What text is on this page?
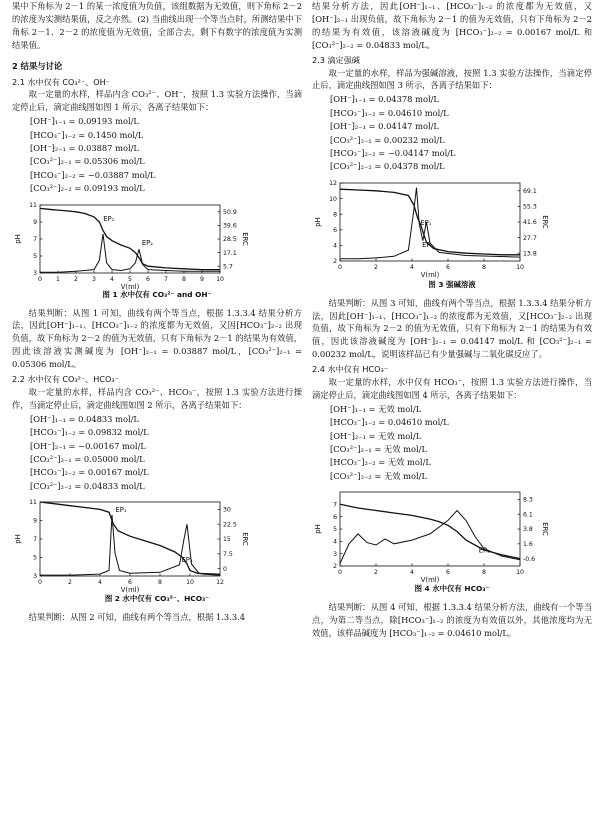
果中下角标为 2－1 的某一浓度值为负值，该组数据为无效值，则下角标 2－2 的浓度为实测结果值，反之亦然。(2) 当曲线出现一个等当点时，所测结果中下角标 2－1、2－2 的浓度值为无效值，全部合去，剩下有数字的浓度值为实测结果值。

2 结果与讨论
2.1 水中仅有 CO₃²⁻、OH⁻

取一定量的水样，样品内含 CO₃²⁻、OH⁻，按照 1.3 实验方法操作，当滴定停止后，滴定曲线图如图 1 所示，各离子结果如下：

[OH⁻]₁₋₁ = 0.09193 mol/L
[HCO₃⁻]₁₋₂ = 0.1450 mol/L
[OH⁻]₂₋₁ = 0.03887 mol/L
[CO₃²⁻]₂₋₁ = 0.05306 mol/L
[HCO₃⁻]₂₋₂ = −0.03887 mol/L
[CO₃²⁻]₂₋₂ = 0.09193 mol/L
0 1 2 3 4 5 6 7 8 9 10
3
5
7
9
11
5.7
17.1
28.5
39.6
50.9
V(ml)
pH	ERC
EP₁
EP₂
图 1 水中仅有 CO₃²⁻ and OH⁻

结果判断：从图 1 可知，曲线有两个等当点，根据 1.3.3.4 结果分析方法，因此[OH⁻]₁₋₁、[HCO₃⁻]₁₋₂ 的浓度都为无效值，又因[HCO₃⁻]₂₋₂ 出现负值，故下角标为 2－2 的值为无效值，只有下角标为 2－1 的结果为有效值，因此该溶液实测碱度为 [OH⁻]₂₋₁ = 0.03887 mol/L，[CO₃²⁻]₂₋₁ = 0.05306 mol/L。

2.2 水中仅有 CO₃²⁻、HCO₃⁻

取一定量的水样，样品内含 CO₃²⁻、HCO₃⁻，按照 1.3 实验方法进行操作，当滴定停止后，滴定曲线图如图 2 所示，各离子结果如下：

[OH⁻]₁₋₁ = 0.04833 mol/L
[HCO₃⁻]₁₋₂ = 0.09832 mol/L
[OH⁻]₂₋₁ = −0.00167 mol/L
[CO₃²⁻]₂₋₁ = 0.05000 mol/L
[HCO₃⁻]₂₋₂ = 0.00167 mol/L
[CO₃²⁻]₂₋₂ = 0.04833 mol/L
0	2	4	6	8	10	12
3
5
7
9
11
0
7.5
15
22.5
30
V(ml)
pH	ERC
EP₁
EP₂
图 2 水中仅有 CO₃²⁻、HCO₃⁻

结果判断：从图 2 可知，曲线有两个等当点，根据 1.3.3.4

结果分析方法，因此[OH⁻]₁₋₁、[HCO₃⁻]₁₋₂ 的浓度都为无效值，又[OH⁻]₂₋₁ 出现负值，故下角标为 2－1 的值为无效值，只有下角标为 2－2 的结果为有效值，该溶液碱度为 [HCO₃⁻]₂₋₂ = 0.00167 mol/L 和 [CO₃²⁻]₂₋₂ = 0.04833 mol/L。

2.3 滴定强碱

取一定量的水样，样品为强碱溶液，按照 1.3 实验方法操作，当滴定停止后，滴定曲线图如图 3 所示，各离子结果如下：

[OH⁻]₁₋₁ = 0.04378 mol/L
[HCO₃⁻]₁₋₂ = 0.04610 mol/L
[OH⁻]₂₋₁ = 0.04147 mol/L
[CO₃²⁻]₂₋₁ = 0.00232 mol/L
[HCO₃⁻]₂₋₂ = −0.04147 mol/L
[CO₃²⁻]₂₋₂ = 0.04378 mol/L
0	2	4	6	8	10
2
4
6
8
10
12
13.8
27.7
41.6
55.3
69.1
V(ml)
pH	ERC
EP₁
EP₂
图 3 强碱溶液

结果判断：从图 3 可知，曲线有两个等当点，根据 1.3.3.4 结果分析方法，因此[OH⁻]₁₋₁、[HCO₃⁻]₁₋₂ 的浓度都为无效值，又[HCO₃⁻]₂₋₂ 出现负值，故下角标为 2－2 的值为无效值，只有下角标为 2－1 的结果为有效值，因此该溶液碱度为 [OH⁻]₂₋₁ = 0.04147 mol/L 和 [CO₃²⁻]₂₋₁ = 0.00232 mol/L，说明该样品已有少量强碱与二氧化碳反应了。

2.4 水中仅有 HCO₃⁻

取一定量的水样，水中仅有 HCO₃⁻，按照 1.3 实验方法进行操作，当滴定停止后，滴定曲线图如图 4 所示，各离子结果如下：

[OH⁻]₁₋₁ = 无效 mol/L
[HCO₃⁻]₁₋₂ = 0.04610 mol/L
[OH⁻]₂₋₁ = 无效 mol/L
[CO₃²⁻]₂₋₁ = 无效 mol/L
[HCO₃⁻]₂₋₂ = 无效 mol/L
[CO₃²⁻]₂₋₂ = 无效 mol/L
0	2	4	6	8	10
2
3
4
5
6
7
-0.6
1.6
3.8
6.1
8.3
V(ml)
pH	ERC
EP₂
图 4 水中仅有 HCO₃⁻

结果判断：从图 4 可知，根据 1.3.3.4 结果分析方法，曲线有一个等当点，为第二等当点，除[HCO₃⁻]₁₋₂ 的浓度为有效值以外，其他浓度均为无效值，该样品碱度为 [HCO₃⁻]₁₋₂ = 0.04610 mol/L。
